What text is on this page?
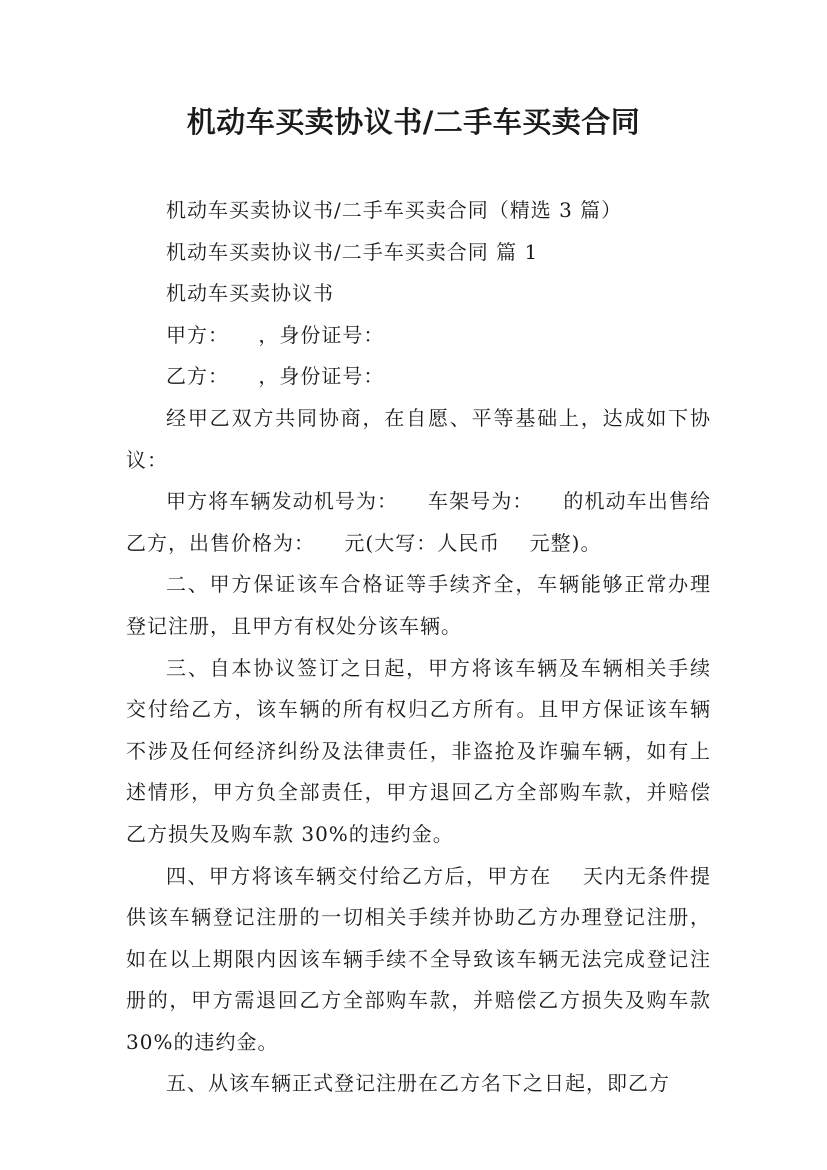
机动车买卖协议书/二手车买卖合同

机动车买卖协议书/二手车买卖合同（精选 3 篇）

机动车买卖协议书/二手车买卖合同 篇 1

机动车买卖协议书

甲方：    ，身份证号：

乙方：    ，身份证号：

经甲乙双方共同协商，在自愿、平等基础上，达成如下协议：

甲方将车辆发动机号为：    车架号为：    的机动车出售给乙方，出售价格为：    元(大写：人民币    元整)。

二、甲方保证该车合格证等手续齐全，车辆能够正常办理登记注册，且甲方有权处分该车辆。

三、自本协议签订之日起，甲方将该车辆及车辆相关手续交付给乙方，该车辆的所有权归乙方所有。且甲方保证该车辆不涉及任何经济纠纷及法律责任，非盗抢及诈骗车辆，如有上述情形，甲方负全部责任，甲方退回乙方全部购车款，并赔偿乙方损失及购车款 30%的违约金。

四、甲方将该车辆交付给乙方后，甲方在    天内无条件提供该车辆登记注册的一切相关手续并协助乙方办理登记注册，如在以上期限内因该车辆手续不全导致该车辆无法完成登记注册的，甲方需退回乙方全部购车款，并赔偿乙方损失及购车款 30%的违约金。

五、从该车辆正式登记注册在乙方名下之日起，即乙方
